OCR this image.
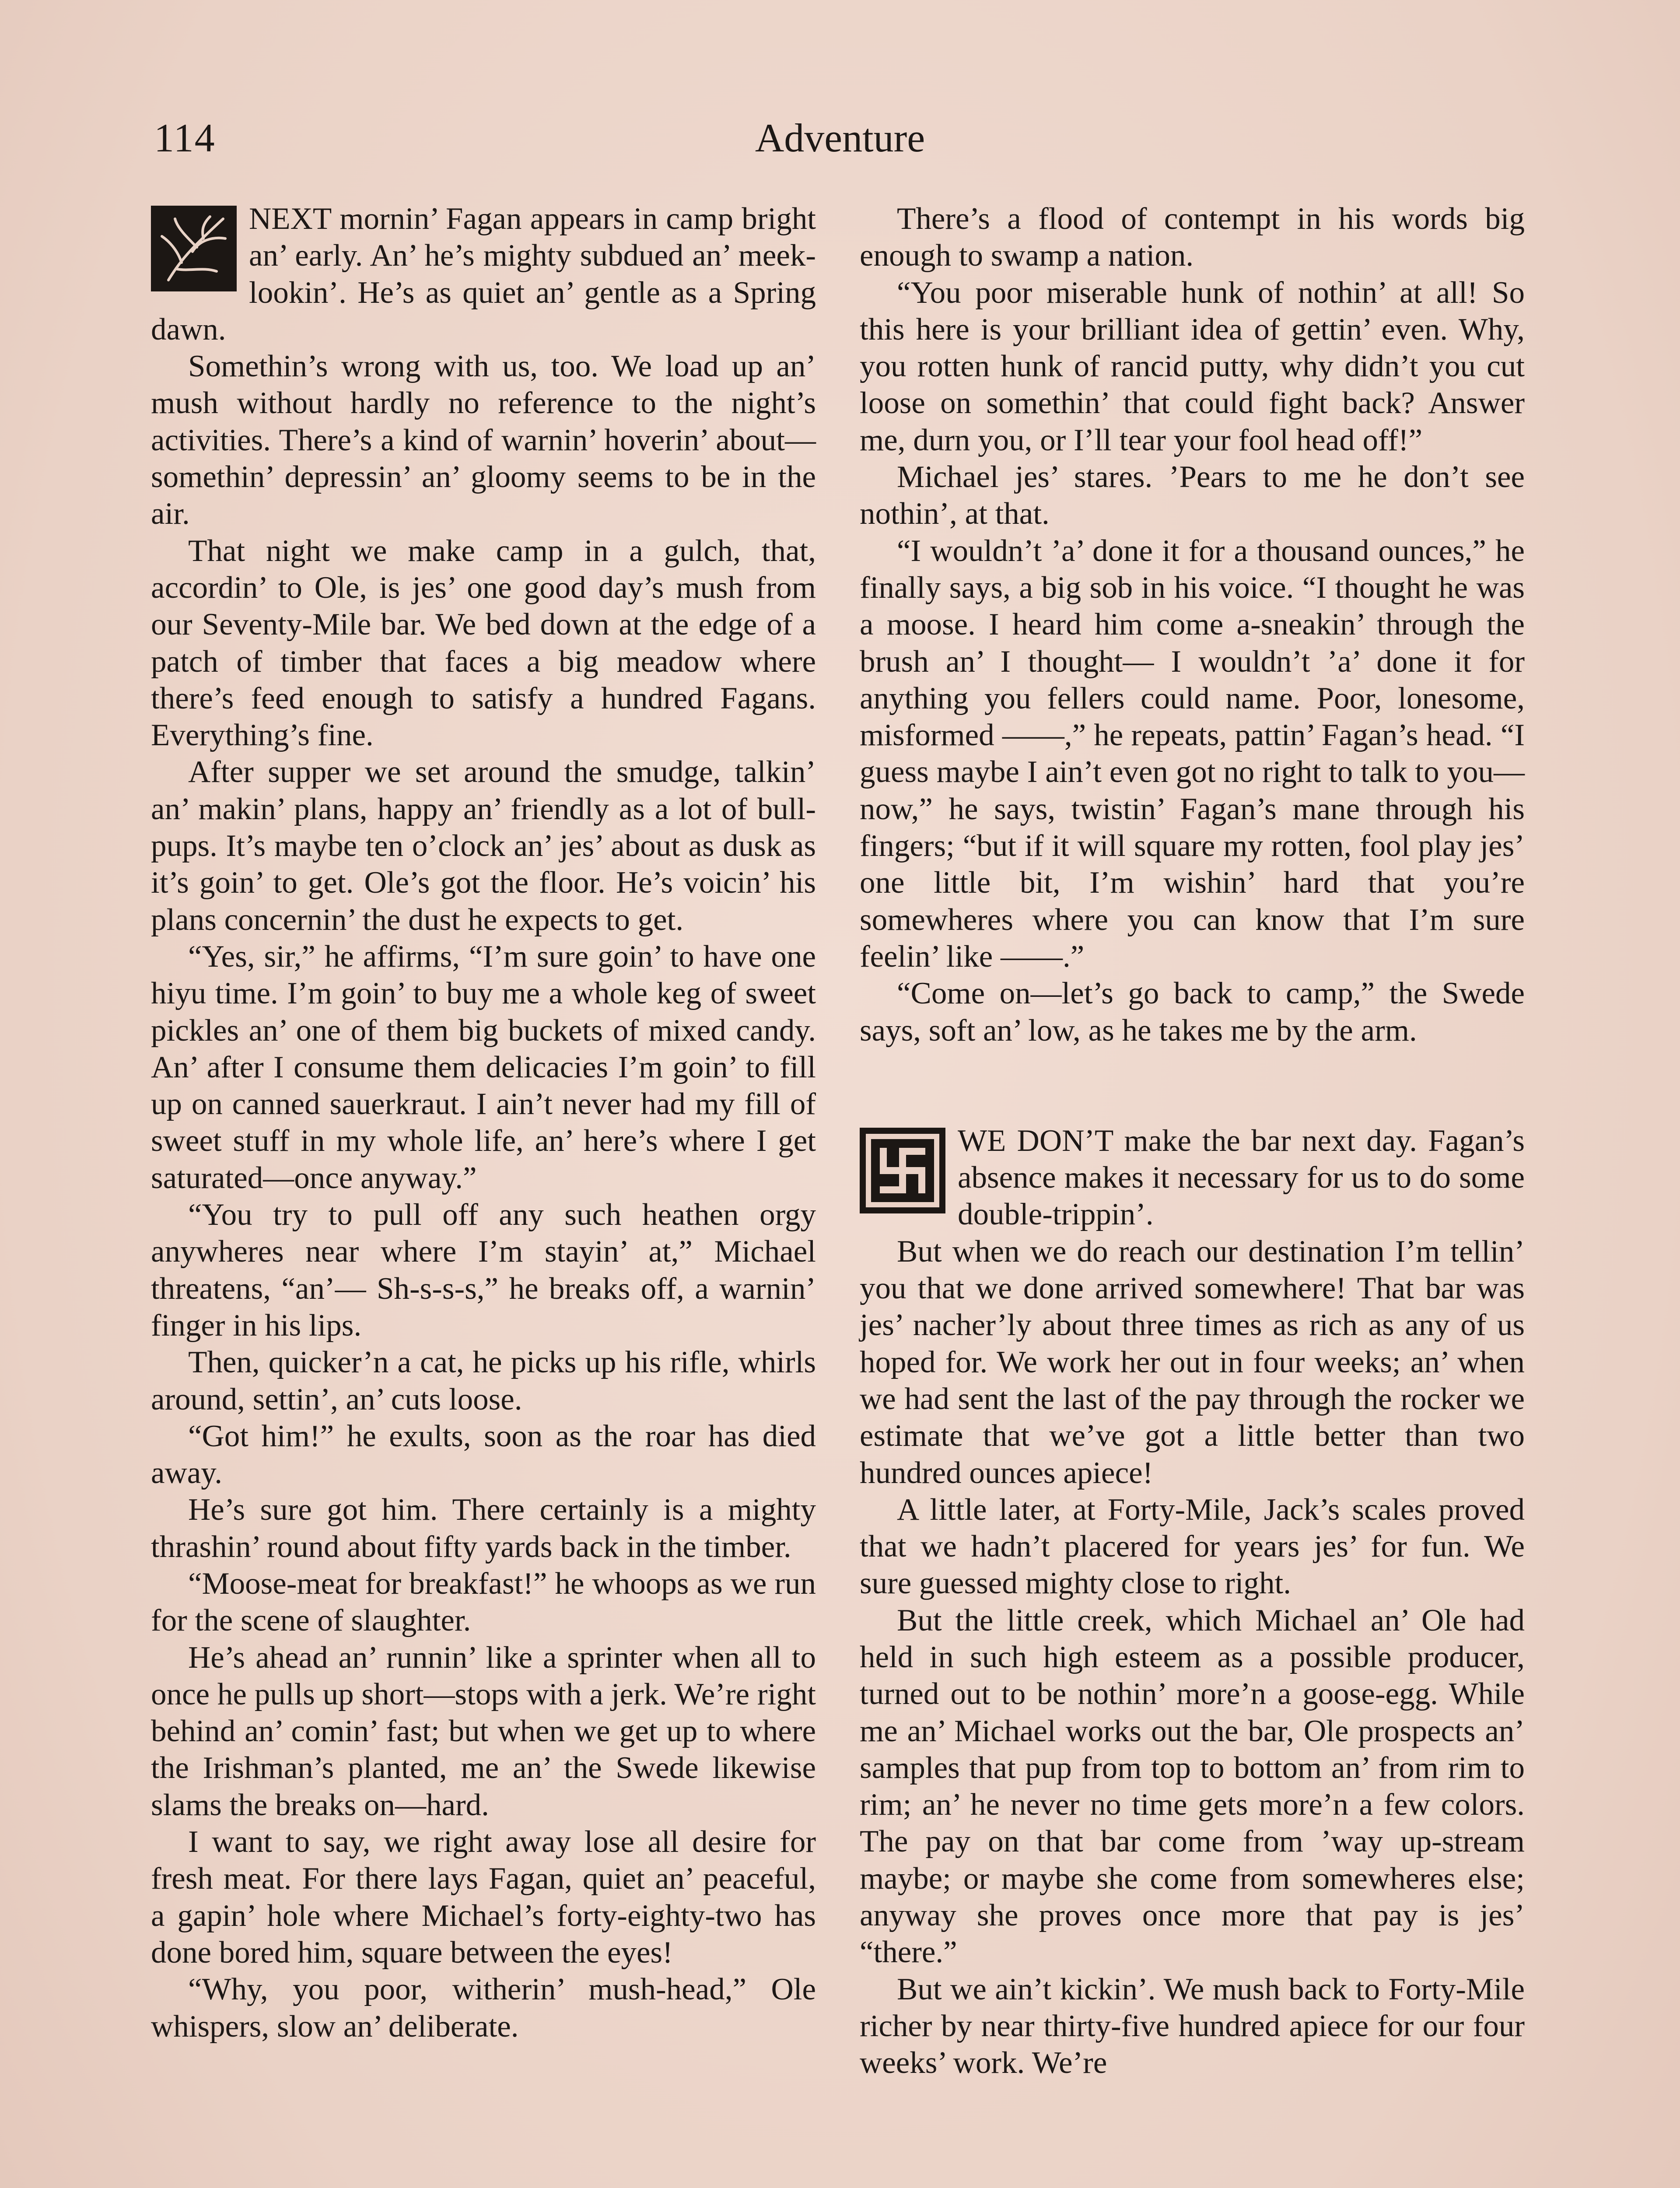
114	Adventure

NEXT mornin’ Fagan appears in camp bright an’ early. An’ he’s mighty subdued an’ meek-lookin’. He’s as quiet an’ gentle as a Spring dawn.

Somethin’s wrong with us, too. We load up an’ mush without hardly no reference to the night’s activities. There’s a kind of warnin’ hoverin’ about—somethin’ depressin’ an’ gloomy seems to be in the air.

That night we make camp in a gulch, that, accordin’ to Ole, is jes’ one good day’s mush from our Seventy-Mile bar. We bed down at the edge of a patch of timber that faces a big meadow where there’s feed enough to satisfy a hundred Fagans. Everything’s fine.

After supper we set around the smudge, talkin’ an’ makin’ plans, happy an’ friendly as a lot of bull-pups. It’s maybe ten o’clock an’ jes’ about as dusk as it’s goin’ to get. Ole’s got the floor. He’s voicin’ his plans concernin’ the dust he expects to get.

“Yes, sir,” he affirms, “I’m sure goin’ to have one hiyu time. I’m goin’ to buy me a whole keg of sweet pickles an’ one of them big buckets of mixed candy. An’ after I consume them delicacies I’m goin’ to fill up on canned sauerkraut. I ain’t never had my fill of sweet stuff in my whole life, an’ here’s where I get saturated—once anyway.”

“You try to pull off any such heathen orgy anywheres near where I’m stayin’ at,” Michael threatens, “an’— Sh-s-s-s,” he breaks off, a warnin’ finger in his lips.

Then, quicker’n a cat, he picks up his rifle, whirls around, settin’, an’ cuts loose.

“Got him!” he exults, soon as the roar has died away.

He’s sure got him. There certainly is a mighty thrashin’ round about fifty yards back in the timber.

“Moose-meat for breakfast!” he whoops as we run for the scene of slaughter.

He’s ahead an’ runnin’ like a sprinter when all to once he pulls up short—stops with a jerk. We’re right behind an’ comin’ fast; but when we get up to where the Irishman’s planted, me an’ the Swede likewise slams the breaks on—hard.

I want to say, we right away lose all desire for fresh meat. For there lays Fagan, quiet an’ peaceful, a gapin’ hole where Michael’s forty-eighty-two has done bored him, square between the eyes!

“Why, you poor, witherin’ mush-head,” Ole whispers, slow an’ deliberate.

There’s a flood of contempt in his words big enough to swamp a nation.

“You poor miserable hunk of nothin’ at all! So this here is your brilliant idea of gettin’ even. Why, you rotten hunk of rancid putty, why didn’t you cut loose on somethin’ that could fight back? Answer me, durn you, or I’ll tear your fool head off!”

Michael jes’ stares. ’Pears to me he don’t see nothin’, at that.

“I wouldn’t ’a’ done it for a thousand ounces,” he finally says, a big sob in his voice. “I thought he was a moose. I heard him come a-sneakin’ through the brush an’ I thought— I wouldn’t ’a’ done it for anything you fellers could name. Poor, lonesome, misformed ——,” he repeats, pattin’ Fagan’s head. “I guess maybe I ain’t even got no right to talk to you—now,” he says, twistin’ Fagan’s mane through his fingers; “but if it will square my rotten, fool play jes’ one little bit, I’m wishin’ hard that you’re somewheres where you can know that I’m sure feelin’ like ——.”

“Come on—let’s go back to camp,” the Swede says, soft an’ low, as he takes me by the arm.

WE DON’T make the bar next day. Fagan’s absence makes it necessary for us to do some double-trippin’.

But when we do reach our destination I’m tellin’ you that we done arrived somewhere! That bar was jes’ nacher’ly about three times as rich as any of us hoped for. We work her out in four weeks; an’ when we had sent the last of the pay through the rocker we estimate that we’ve got a little better than two hundred ounces apiece!

A little later, at Forty-Mile, Jack’s scales proved that we hadn’t placered for years jes’ for fun. We sure guessed mighty close to right.

But the little creek, which Michael an’ Ole had held in such high esteem as a possible producer, turned out to be nothin’ more’n a goose-egg. While me an’ Michael works out the bar, Ole prospects an’ samples that pup from top to bottom an’ from rim to rim; an’ he never no time gets more’n a few colors. The pay on that bar come from ’way up-stream maybe; or maybe she come from somewheres else; anyway she proves once more that pay is jes’ “there.”

But we ain’t kickin’. We mush back to Forty-Mile richer by near thirty-five hundred apiece for our four weeks’ work. We’re
